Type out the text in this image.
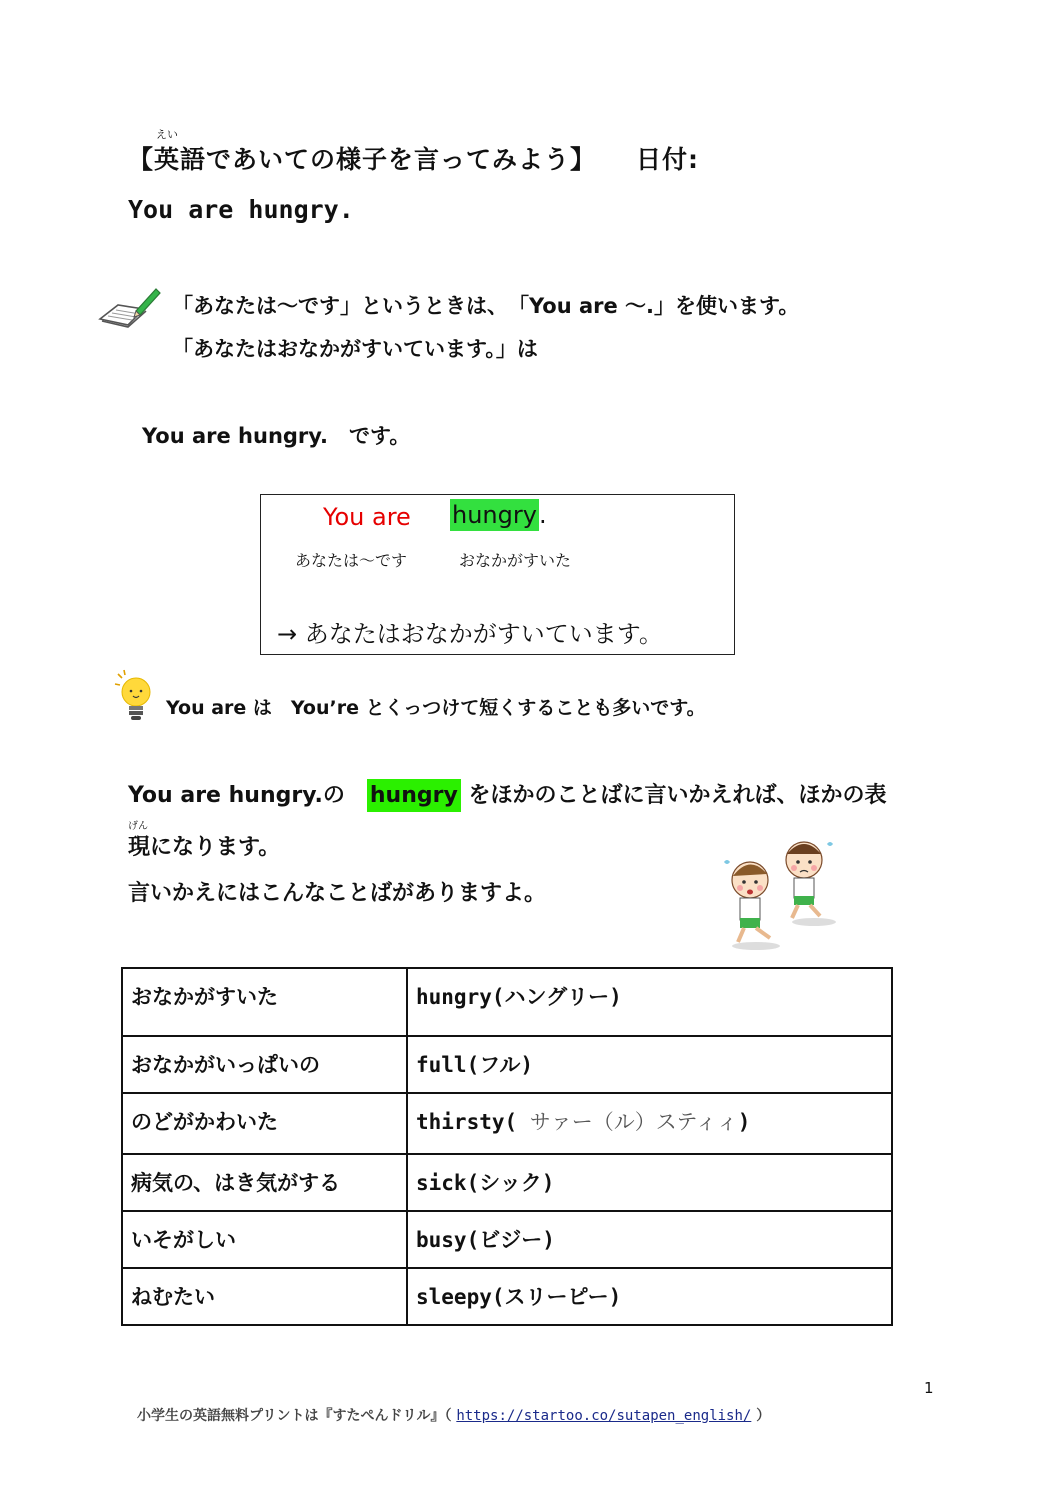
【
えい
英語であいての様子を言ってみよう】 日付:
You are hungry.
「あなたは〜です」というときは、　「You are 〜.」を使います。
「あなたはおなかがすいています。」は
You are hungry.　です。
You are hungry.
あなたは〜です	おなかがすいた
→ あなたはおなかがすいています。
You are は　You’re とくっつけて短くすることも多いです。
You are hungry.の　hungry をほかのことばに言いかえれば、ほかの表
げん
現になります。
言いかえにはこんなことばがありますよ。
おなかがすいた	hungry(ハングリー)

おなかがいっぱいの	full(フル)

のどがかわいた	thirsty( サァー（ル）スティィ)

病気の、はき気がする	sick(シック)

いそがしい	busy(ビジー)

ねむたい	sleepy(スリーピー)
1
小学生の英語無料プリントは『すたぺんドリル』（ https://startoo.co/sutapen_english/ ）
